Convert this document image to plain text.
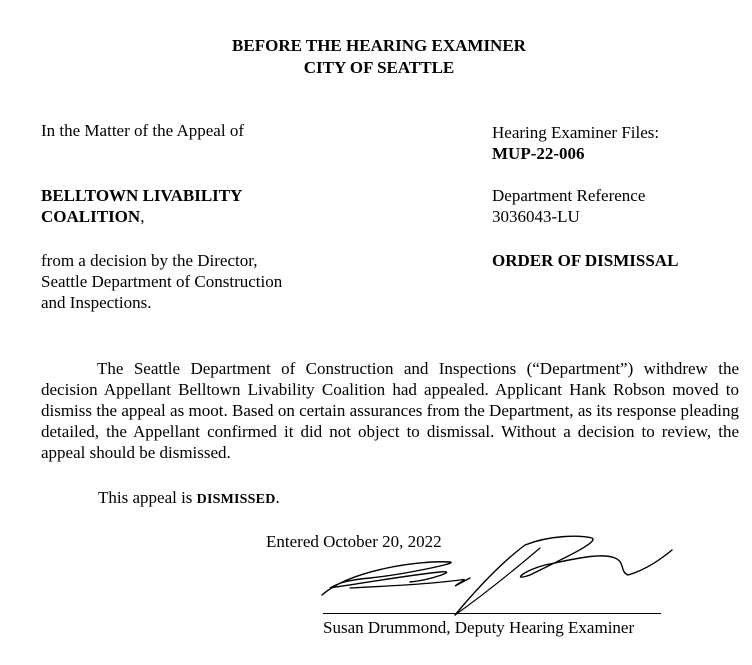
BEFORE THE HEARING EXAMINER
CITY OF SEATTLE
In the Matter of the Appeal of
BELLTOWN LIVABILITY
COALITION,
from a decision by the Director,
Seattle Department of Construction
and Inspections.
Hearing Examiner Files:
MUP-22-006
Department Reference
3036043-LU
ORDER OF DISMISSAL
The Seattle Department of Construction and Inspections (“Department”) withdrew the decision Appellant Belltown Livability Coalition had appealed. Applicant Hank Robson moved to dismiss the appeal as moot. Based on certain assurances from the Department, as its response pleading detailed, the Appellant confirmed it did not object to dismissal. Without a decision to review, the appeal should be dismissed.
This appeal is DISMISSED.
Entered October 20, 2022
Susan Drummond, Deputy Hearing Examiner
